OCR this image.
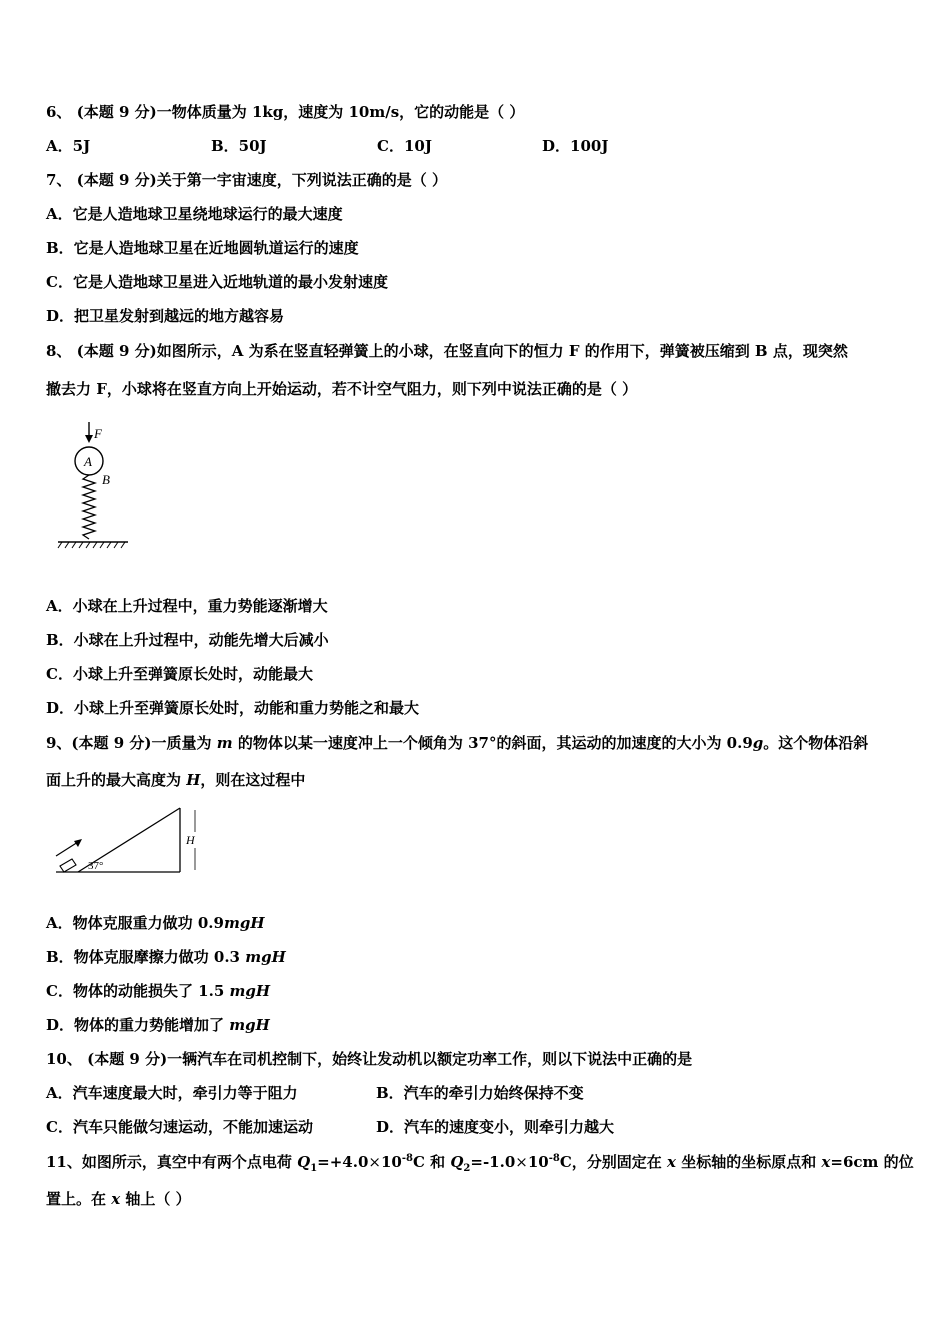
6、 (本题 9 分)一物体质量为 1kg，速度为 10m/s，它的动能是（ ）
A．5J	B．50J	C．10J	D．100J
7、 (本题 9 分)关于第一宇宙速度，下列说法正确的是（ ）
A．它是人造地球卫星绕地球运行的最大速度
B．它是人造地球卫星在近地圆轨道运行的速度
C．它是人造地球卫星进入近地轨道的最小发射速度
D．把卫星发射到越远的地方越容易
8、 (本题 9 分)如图所示，A 为系在竖直轻弹簧上的小球，在竖直向下的恒力 F 的作用下，弹簧被压缩到 B 点，现突然
撤去力 F，小球将在竖直方向上开始运动，若不计空气阻力，则下列中说法正确的是（ ）
F
A
B
A．小球在上升过程中，重力势能逐渐增大
B．小球在上升过程中，动能先增大后减小
C．小球上升至弹簧原长处时，动能最大
D．小球上升至弹簧原长处时，动能和重力势能之和最大
9、(本题 9 分)一质量为 m 的物体以某一速度冲上一个倾角为 37°的斜面，其运动的加速度的大小为 0.9g。这个物体沿斜
面上升的最大高度为 H，则在这过程中
37°
H
A．物体克服重力做功 0.9mgH
B．物体克服摩擦力做功 0.3 mgH
C．物体的动能损失了 1.5 mgH
D．物体的重力势能增加了 mgH
10、 (本题 9 分)一辆汽车在司机控制下，始终让发动机以额定功率工作，则以下说法中正确的是
A．汽车速度最大时，牵引力等于阻力	B．汽车的牵引力始终保持不变
C．汽车只能做匀速运动，不能加速运动	D．汽车的速度变小，则牵引力越大
11、如图所示，真空中有两个点电荷 $Q_1=+4.0\times 10^{-8}C$ 和 $Q_2=-1.0\times 10^{-8}C$，分别固定在 x 坐标轴的坐标原点和 x=6cm 的位
置上。在 x 轴上（ ）
